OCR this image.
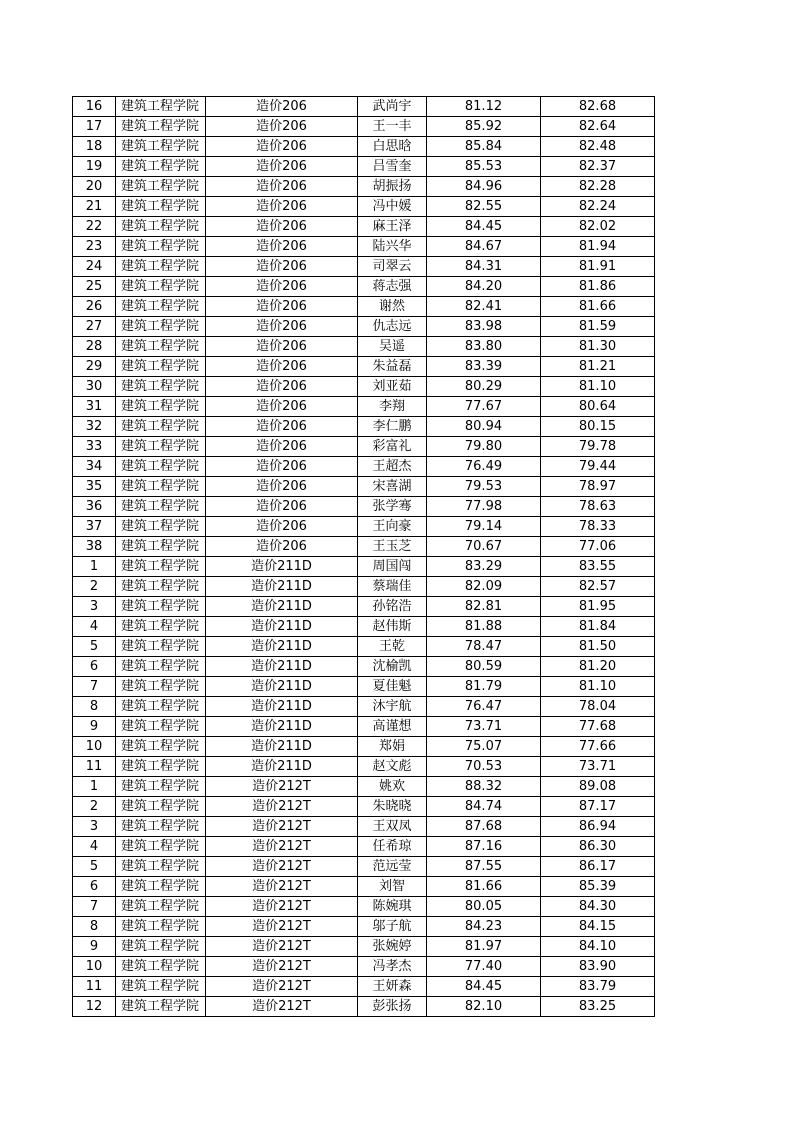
16	建筑工程学院	造价206	武尚宇	81.12	82.68
17	建筑工程学院	造价206	王一丰	85.92	82.64
18	建筑工程学院	造价206	白思晗	85.84	82.48
19	建筑工程学院	造价206	吕雪奎	85.53	82.37
20	建筑工程学院	造价206	胡振扬	84.96	82.28
21	建筑工程学院	造价206	冯中媛	82.55	82.24
22	建筑工程学院	造价206	麻王泽	84.45	82.02
23	建筑工程学院	造价206	陆兴华	84.67	81.94
24	建筑工程学院	造价206	司翠云	84.31	81.91
25	建筑工程学院	造价206	蒋志强	84.20	81.86
26	建筑工程学院	造价206	谢然	82.41	81.66
27	建筑工程学院	造价206	仇志远	83.98	81.59
28	建筑工程学院	造价206	吴遥	83.80	81.30
29	建筑工程学院	造价206	朱益磊	83.39	81.21
30	建筑工程学院	造价206	刘亚茹	80.29	81.10
31	建筑工程学院	造价206	李翔	77.67	80.64
32	建筑工程学院	造价206	李仁鹏	80.94	80.15
33	建筑工程学院	造价206	彩富礼	79.80	79.78
34	建筑工程学院	造价206	王超杰	76.49	79.44
35	建筑工程学院	造价206	宋喜湖	79.53	78.97
36	建筑工程学院	造价206	张学骞	77.98	78.63
37	建筑工程学院	造价206	王向豪	79.14	78.33
38	建筑工程学院	造价206	王玉芝	70.67	77.06
1	建筑工程学院	造价211D	周国闯	83.29	83.55
2	建筑工程学院	造价211D	蔡瑞佳	82.09	82.57
3	建筑工程学院	造价211D	孙铭浩	82.81	81.95
4	建筑工程学院	造价211D	赵伟斯	81.88	81.84
5	建筑工程学院	造价211D	王乾	78.47	81.50
6	建筑工程学院	造价211D	沈榆凯	80.59	81.20
7	建筑工程学院	造价211D	夏佳魁	81.79	81.10
8	建筑工程学院	造价211D	沐宇航	76.47	78.04
9	建筑工程学院	造价211D	高谨想	73.71	77.68
10	建筑工程学院	造价211D	郑娟	75.07	77.66
11	建筑工程学院	造价211D	赵文彪	70.53	73.71
1	建筑工程学院	造价212T	姚欢	88.32	89.08
2	建筑工程学院	造价212T	朱晓晓	84.74	87.17
3	建筑工程学院	造价212T	王双凤	87.68	86.94
4	建筑工程学院	造价212T	任希琼	87.16	86.30
5	建筑工程学院	造价212T	范远莹	87.55	86.17
6	建筑工程学院	造价212T	刘智	81.66	85.39
7	建筑工程学院	造价212T	陈婉琪	80.05	84.30
8	建筑工程学院	造价212T	邬子航	84.23	84.15
9	建筑工程学院	造价212T	张婉婷	81.97	84.10
10	建筑工程学院	造价212T	冯孝杰	77.40	83.90
11	建筑工程学院	造价212T	王妍森	84.45	83.79
12	建筑工程学院	造价212T	彭张扬	82.10	83.25
